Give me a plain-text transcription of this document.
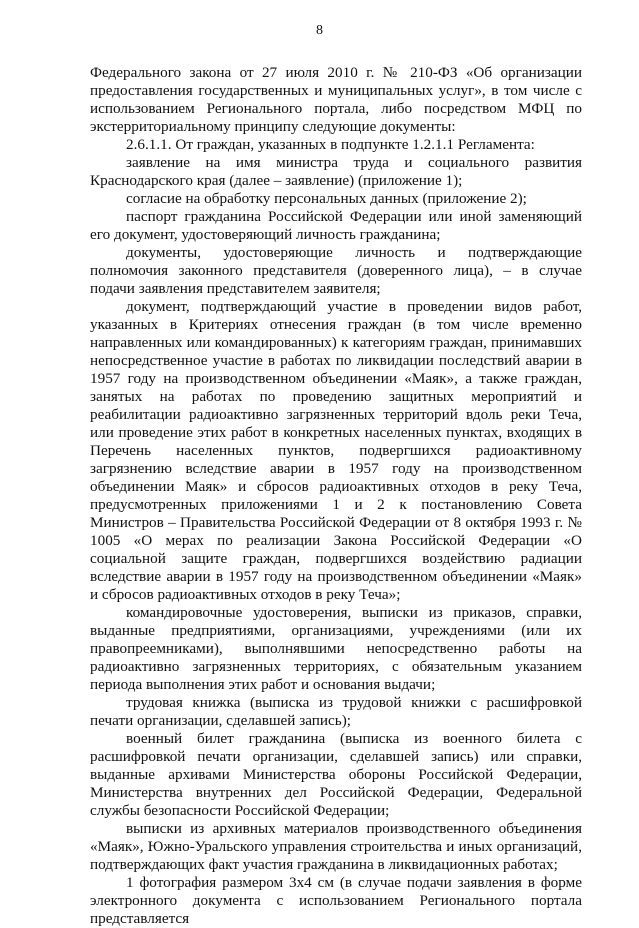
8

Федерального закона от 27 июля 2010 г. № 210-ФЗ «Об организации предоставления государственных и муниципальных услуг», в том числе с использованием Регионального портала, либо посредством МФЦ по экстерриториальному принципу следующие документы:

2.6.1.1. От граждан, указанных в подпункте 1.2.1.1 Регламента:

заявление на имя министра труда и социального развития Краснодарского края (далее – заявление) (приложение 1);

согласие на обработку персональных данных (приложение 2);

паспорт гражданина Российской Федерации или иной заменяющий его документ, удостоверяющий личность гражданина;

документы, удостоверяющие личность и подтверждающие полномочия законного представителя (доверенного лица), – в случае подачи заявления представителем заявителя;

документ, подтверждающий участие в проведении видов работ, указанных в Критериях отнесения граждан (в том числе временно направленных или командированных) к категориям граждан, принимавших непосредственное участие в работах по ликвидации последствий аварии в 1957 году на производственном объединении «Маяк», а также граждан, занятых на работах по проведению защитных мероприятий и реабилитации радиоактивно загрязненных территорий вдоль реки Теча, или проведение этих работ в конкретных населенных пунктах, входящих в Перечень населенных пунктов, подвергшихся радиоактивному загрязнению вследствие аварии в 1957 году на производственном объединении Маяк» и сбросов радиоактивных отходов в реку Теча, предусмотренных приложениями 1 и 2 к постановлению Совета Министров – Правительства Российской Федерации от 8 октября 1993 г. № 1005 «О мерах по реализации Закона Российской Федерации «О социальной защите граждан, подвергшихся воздействию радиации вследствие аварии в 1957 году на производственном объединении «Маяк» и сбросов радиоактивных отходов в реку Теча»;

командировочные удостоверения, выписки из приказов, справки, выданные предприятиями, организациями, учреждениями (или их правопреемниками), выполнявшими непосредственно работы на радиоактивно загрязненных территориях, с обязательным указанием периода выполнения этих работ и основания выдачи;

трудовая книжка (выписка из трудовой книжки с расшифровкой печати организации, сделавшей запись);

военный билет гражданина (выписка из военного билета с расшифровкой печати организации, сделавшей запись) или справки, выданные архивами Министерства обороны Российской Федерации, Министерства внутренних дел Российской Федерации, Федеральной службы безопасности Российской Федерации;

выписки из архивных материалов производственного объединения «Маяк», Южно-Уральского управления строительства и иных организаций, подтверждающих факт участия гражданина в ликвидационных работах;

1 фотография размером 3х4 см (в случае подачи заявления в форме электронного документа с использованием Регионального портала представляется
